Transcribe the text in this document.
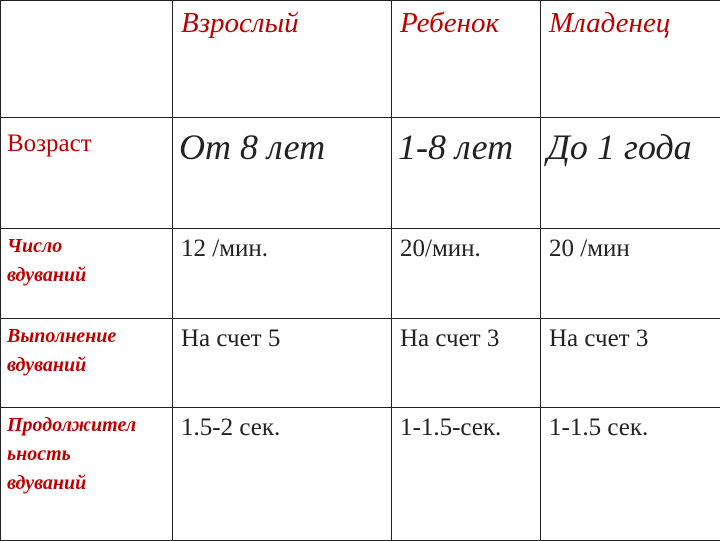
	Взрослый	Ребенок	Младенец

Возраст	От 8 лет	1-8 лет	До 1 года

Число
вдуваний	12 /мин.	20/мин.	20 /мин

Выполнение
вдуваний	На счет 5	На счет 3	На счет 3

Продолжител
ьность
вдуваний	1.5-2 сек.	1-1.5-сек.	1-1.5 сек.
